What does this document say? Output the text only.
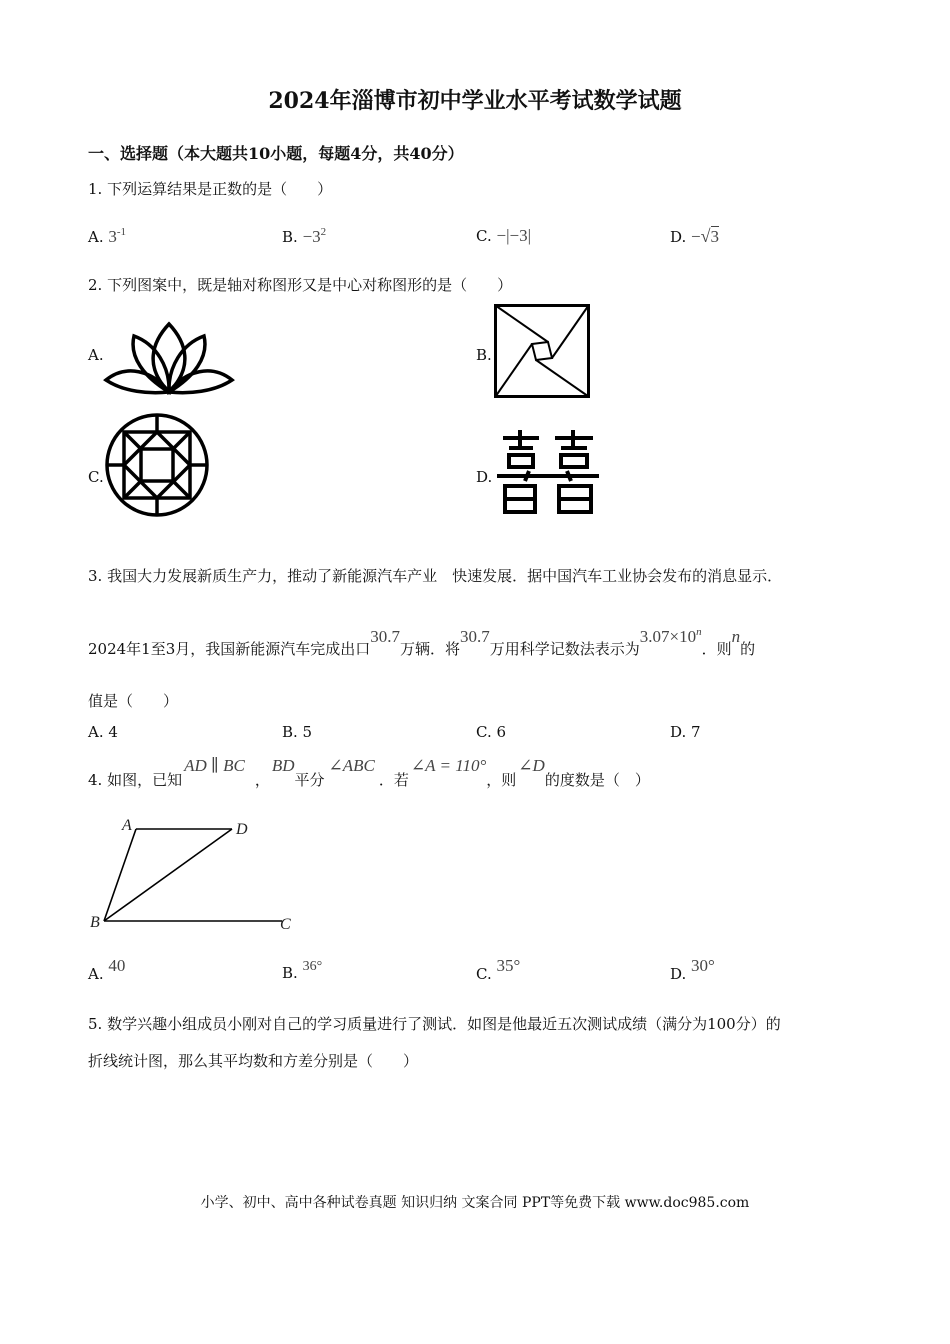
2024年淄博市初中学业水平考试数学试题
一、选择题（本大题共10小题，每题4分，共40分）
1. 下列运算结果是正数的是（　　）
A. $3^{-1}$	B. $-3^2$	C. −|−3|	D. −√3
2. 下列图案中，既是轴对称图形又是中心对称图形的是（　　）
A.	B.
C.	D.
3. 我国大力发展新质生产力，推动了新能源汽车产业　快速发展．据中国汽车工业协会发布的消息显示．
2024年1至3月，我国新能源汽车完成出口30.7万辆．将30.7万用科学记数法表示为$3.07\times 10^n$．则n的
值是（　　）
A. 4	B. 5	C. 6	D. 7
4. 如图，已知AD ∥ BC，BD平分∠ABC．若∠A = 110°，则∠D的度数是（　）
A	D
B	C
A. 40	B. 36°	C. 35°	D. 30°
5. 数学兴趣小组成员小刚对自己的学习质量进行了测试．如图是他最近五次测试成绩（满分为100分）的
折线统计图，那么其平均数和方差分别是（　　）
小学、初中、高中各种试卷真题 知识归纳 文案合同 PPT等免费下载 www.doc985.com
